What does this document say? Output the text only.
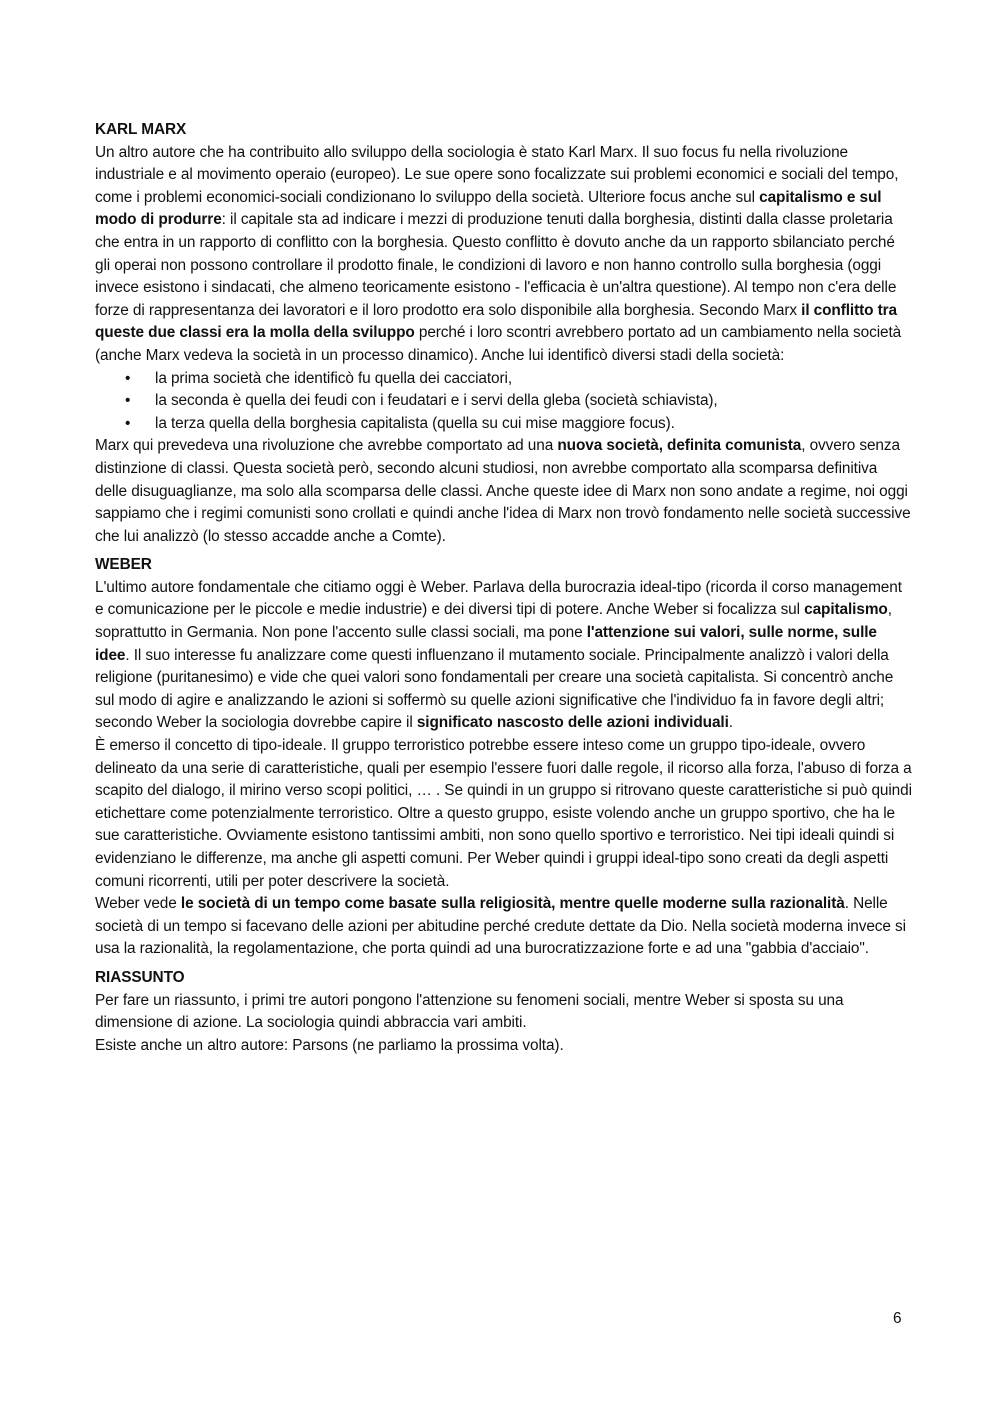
KARL MARX

Un altro autore che ha contribuito allo sviluppo della sociologia è stato Karl Marx. Il suo focus fu nella rivoluzione industriale e al movimento operaio (europeo). Le sue opere sono focalizzate sui problemi economici e sociali del tempo, come i problemi economici-sociali condizionano lo sviluppo della società. Ulteriore focus anche sul capitalismo e sul modo di produrre: il capitale sta ad indicare i mezzi di produzione tenuti dalla borghesia, distinti dalla classe proletaria che entra in un rapporto di conflitto con la borghesia. Questo conflitto è dovuto anche da un rapporto sbilanciato perché gli operai non possono controllare il prodotto finale, le condizioni di lavoro e non hanno controllo sulla borghesia (oggi invece esistono i sindacati, che almeno teoricamente esistono - l'efficacia è un'altra questione). Al tempo non c'era delle forze di rappresentanza dei lavoratori e il loro prodotto era solo disponibile alla borghesia. Secondo Marx il conflitto tra queste due classi era la molla della sviluppo perché i loro scontri avrebbero portato ad un cambiamento nella società (anche Marx vedeva la società in un processo dinamico). Anche lui identificò diversi stadi della società:

• la prima società che identificò fu quella dei cacciatori,
• la seconda è quella dei feudi con i feudatari e i servi della gleba (società schiavista),
• la terza quella della borghesia capitalista (quella su cui mise maggiore focus).

Marx qui prevedeva una rivoluzione che avrebbe comportato ad una nuova società, definita comunista, ovvero senza distinzione di classi. Questa società però, secondo alcuni studiosi, non avrebbe comportato alla scomparsa definitiva delle disuguaglianze, ma solo alla scomparsa delle classi. Anche queste idee di Marx non sono andate a regime, noi oggi sappiamo che i regimi comunisti sono crollati e quindi anche l'idea di Marx non trovò fondamento nelle società successive che lui analizzò (lo stesso accadde anche a Comte).

WEBER

L'ultimo autore fondamentale che citiamo oggi è Weber. Parlava della burocrazia ideal-tipo (ricorda il corso management e comunicazione per le piccole e medie industrie) e dei diversi tipi di potere. Anche Weber si focalizza sul capitalismo, soprattutto in Germania. Non pone l'accento sulle classi sociali, ma pone l'attenzione sui valori, sulle norme, sulle idee. Il suo interesse fu analizzare come questi influenzano il mutamento sociale. Principalmente analizzò i valori della religione (puritanesimo) e vide che quei valori sono fondamentali per creare una società capitalista. Si concentrò anche sul modo di agire e analizzando le azioni si soffermò su quelle azioni significative che l'individuo fa in favore degli altri; secondo Weber la sociologia dovrebbe capire il significato nascosto delle azioni individuali.

È emerso il concetto di tipo-ideale. Il gruppo terroristico potrebbe essere inteso come un gruppo tipo-ideale, ovvero delineato da una serie di caratteristiche, quali per esempio l'essere fuori dalle regole, il ricorso alla forza, l'abuso di forza a scapito del dialogo, il mirino verso scopi politici, … . Se quindi in un gruppo si ritrovano queste caratteristiche si può quindi etichettare come potenzialmente terroristico. Oltre a questo gruppo, esiste volendo anche un gruppo sportivo, che ha le sue caratteristiche. Ovviamente esistono tantissimi ambiti, non sono quello sportivo e terroristico. Nei tipi ideali quindi si evidenziano le differenze, ma anche gli aspetti comuni. Per Weber quindi i gruppi ideal-tipo sono creati da degli aspetti comuni ricorrenti, utili per poter descrivere la società.

Weber vede le società di un tempo come basate sulla religiosità, mentre quelle moderne sulla razionalità. Nelle società di un tempo si facevano delle azioni per abitudine perché credute dettate da Dio. Nella società moderna invece si usa la razionalità, la regolamentazione, che porta quindi ad una burocratizzazione forte e ad una "gabbia d'acciaio".

RIASSUNTO

Per fare un riassunto, i primi tre autori pongono l'attenzione su fenomeni sociali, mentre Weber si sposta su una dimensione di azione. La sociologia quindi abbraccia vari ambiti.

Esiste anche un altro autore: Parsons (ne parliamo la prossima volta).

6
